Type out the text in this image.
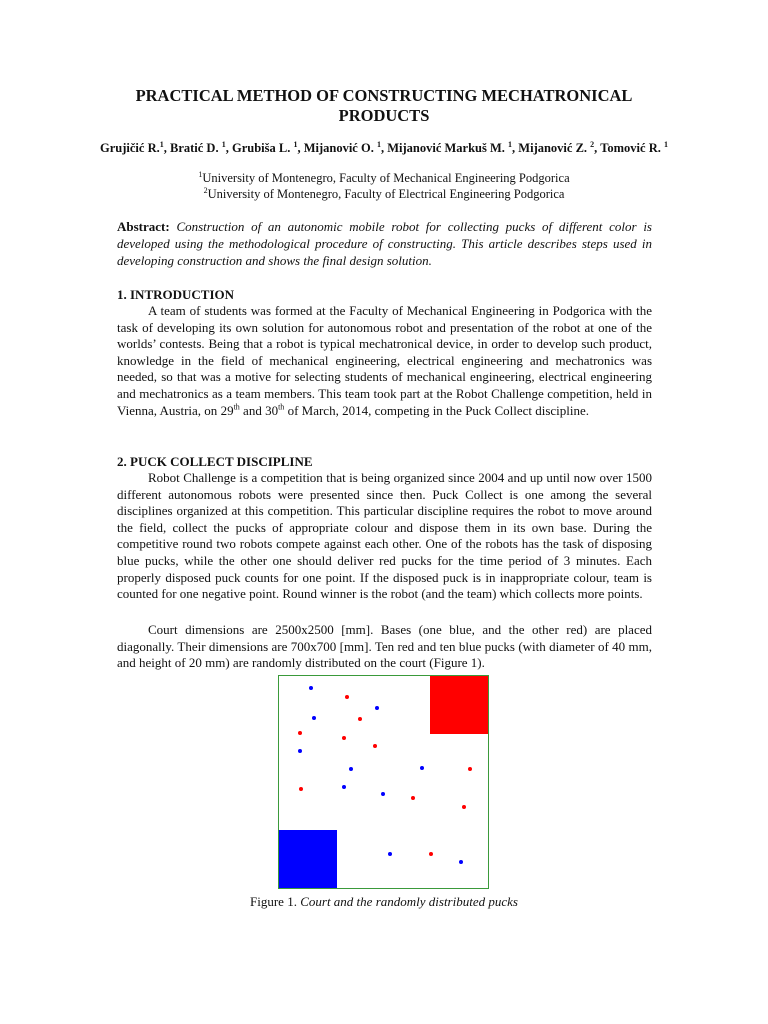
PRACTICAL METHOD OF CONSTRUCTING MECHATRONICAL PRODUCTS
Grujičić R.$^1$, Bratić D. $^1$, Grubiša L. $^1$, Mijanović O. $^1$, Mijanović Markuš M. $^1$, Mijanović Z. $^2$, Tomović R. $^1$
$^1$University of Montenegro, Faculty of Mechanical Engineering Podgorica
$^2$University of Montenegro, Faculty of Electrical Engineering Podgorica
Abstract: Construction of an autonomic mobile robot for collecting pucks of different color is developed using the methodological procedure of constructing. This article describes steps used in developing construction and shows the final design solution.
1. INTRODUCTION

A team of students was formed at the Faculty of Mechanical Engineering in Podgorica with the task of developing its own solution for autonomous robot and presentation of the robot at one of the worlds’ contests. Being that a robot is typical mechatronical device, in order to develop such product, knowledge in the field of mechanical engineering, electrical engineering and mechatronics was needed, so that was a motive for selecting students of mechanical engineering, electrical engineering and mechatronics as a team members. This team took part at the Robot Challenge competition, held in Vienna, Austria, on 29th and 30th of March, 2014, competing in the Puck Collect discipline.

2. PUCK COLLECT DISCIPLINE

Robot Challenge is a competition that is being organized since 2004 and up until now over 1500 different autonomous robots were presented since then. Puck Collect is one among the several disciplines organized at this competition. This particular discipline requires the robot to move around the field, collect the pucks of appropriate colour and dispose them in its own base. During the competitive round two robots compete against each other. One of the robots has the task of disposing blue pucks, while the other one should deliver red pucks for the time period of 3 minutes. Each properly disposed puck counts for one point. If the disposed puck is in inappropriate colour, team is counted for one negative point. Round winner is the robot (and the team) which collects more points.

Court dimensions are 2500x2500 [mm]. Bases (one blue, and the other red) are placed diagonally. Their dimensions are 700x700 [mm]. Ten red and ten blue pucks (with diameter of 40 mm, and height of 20 mm) are randomly distributed on the court (Figure 1).

Figure 1. Court and the randomly distributed pucks
